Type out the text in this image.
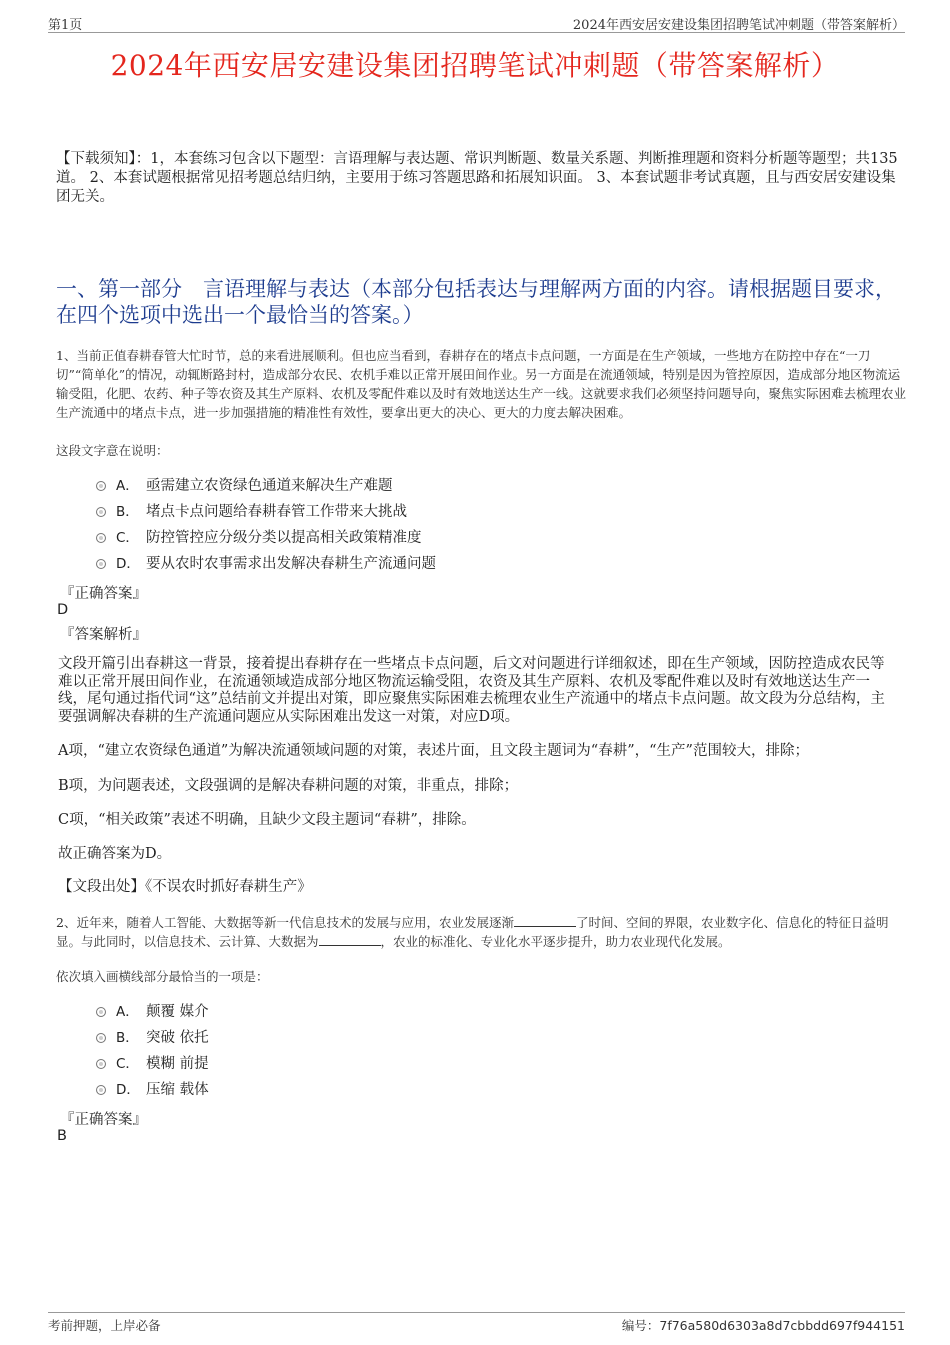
第1页	2024年西安居安建设集团招聘笔试冲刺题（带答案解析）
2024年西安居安建设集团招聘笔试冲刺题（带答案解析）
【下载须知】：1，本套练习包含以下题型：言语理解与表达题、常识判断题、数量关系题、判断推理题和资料分析题等题型；共135道。 2、本套试题根据常见招考题总结归纳，主要用于练习答题思路和拓展知识面。 3、本套试题非考试真题，且与西安居安建设集团无关。
一、第一部分　言语理解与表达（本部分包括表达与理解两方面的内容。请根据题目要求，在四个选项中选出一个最恰当的答案。）
1、当前正值春耕春管大忙时节，总的来看进展顺利。但也应当看到，春耕存在的堵点卡点问题，一方面是在生产领域，一些地方在防控中存在“一刀切”“简单化”的情况，动辄断路封村，造成部分农民、农机手难以正常开展田间作业。另一方面是在流通领域，特别是因为管控原因，造成部分地区物流运输受阻，化肥、农药、种子等农资及其生产原料、农机及零配件难以及时有效地送达生产一线。这就要求我们必须坚持问题导向，聚焦实际困难去梳理农业生产流通中的堵点卡点，进一步加强措施的精准性有效性，要拿出更大的决心、更大的力度去解决困难。
这段文字意在说明：
A． 亟需建立农资绿色通道来解决生产难题
B． 堵点卡点问题给春耕春管工作带来大挑战
C． 防控管控应分级分类以提高相关政策精准度
D． 要从农时农事需求出发解决春耕生产流通问题
『正确答案』
D
『答案解析』
文段开篇引出春耕这一背景，接着提出春耕存在一些堵点卡点问题，后文对问题进行详细叙述，即在生产领域，因防控造成农民等难以正常开展田间作业，在流通领域造成部分地区物流运输受阻，农资及其生产原料、农机及零配件难以及时有效地送达生产一线，尾句通过指代词“这”总结前文并提出对策，即应聚焦实际困难去梳理农业生产流通中的堵点卡点问题。故文段为分总结构，主要强调解决春耕的生产流通问题应从实际困难出发这一对策，对应D项。
A项，“建立农资绿色通道”为解决流通领域问题的对策，表述片面，且文段主题词为“春耕”，“生产”范围较大，排除；
B项，为问题表述，文段强调的是解决春耕问题的对策，非重点，排除；
C项，“相关政策”表述不明确，且缺少文段主题词“春耕”，排除。
故正确答案为D。
【文段出处】《不误农时抓好春耕生产》
2、近年来，随着人工智能、大数据等新一代信息技术的发展与应用，农业发展逐渐	了时间、空间的界限，农业数字化、信息化的特征日益明显。与此同时，以信息技术、云计算、大数据为	，农业的标准化、专业化水平逐步提升，助力农业现代化发展。
依次填入画横线部分最恰当的一项是：
A． 颠覆 媒介
B． 突破 依托
C． 模糊 前提
D． 压缩 载体
『正确答案』
B
考前押题，上岸必备	编号：7f76a580d6303a8d7cbbdd697f944151
